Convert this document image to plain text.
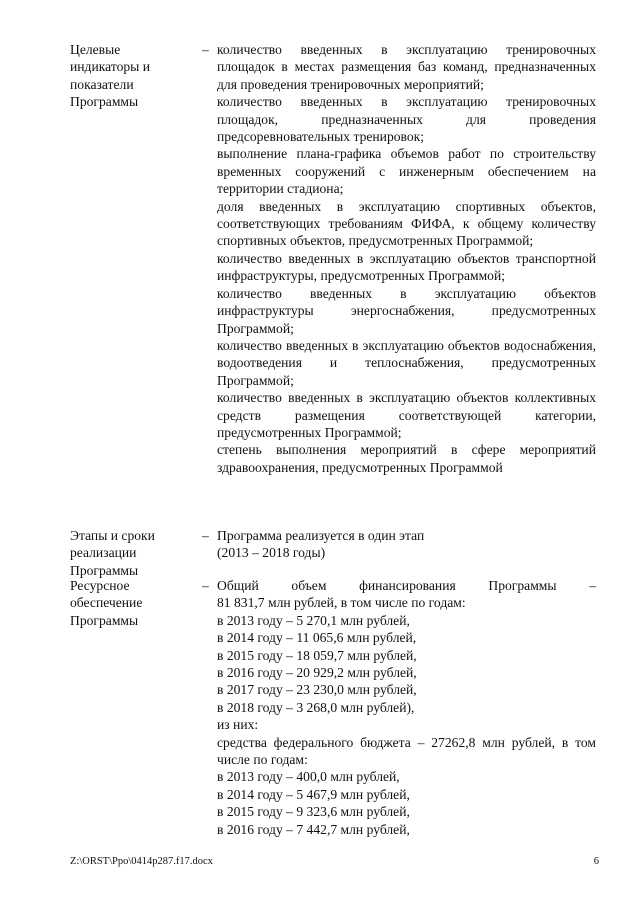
Целевые индикаторы и показатели Программы
– количество введенных в эксплуатацию тренировочных площадок в местах размещения баз команд, предназначенных для проведения тренировочных мероприятий;
количество введенных в эксплуатацию тренировочных площадок, предназначенных для проведения предсоревновательных тренировок;
выполнение плана-графика объемов работ по строительству временных сооружений с инженерным обеспечением на территории стадиона;
доля введенных в эксплуатацию спортивных объектов, соответствующих требованиям ФИФА, к общему количеству спортивных объектов, предусмотренных Программой;
количество введенных в эксплуатацию объектов транспортной инфраструктуры, предусмотренных Программой;
количество введенных в эксплуатацию объектов инфраструктуры энергоснабжения, предусмотренных Программой;
количество введенных в эксплуатацию объектов водоснабжения, водоотведения и теплоснабжения, предусмотренных Программой;
количество введенных в эксплуатацию объектов коллективных средств размещения соответствующей категории, предусмотренных Программой;
степень выполнения мероприятий в сфере мероприятий здравоохранения, предусмотренных Программой
Этапы и сроки реализации Программы
– Программа реализуется в один этап
(2013 – 2018 годы)
Ресурсное обеспечение Программы
– Общий объем финансирования Программы –
81 831,7 млн рублей, в том числе по годам:
в 2013 году – 5 270,1 млн рублей,
в 2014 году – 11 065,6 млн рублей,
в 2015 году – 18 059,7 млн рублей,
в 2016 году – 20 929,2 млн рублей,
в 2017 году – 23 230,0 млн рублей,
в 2018 году – 3 268,0 млн рублей),
из них:
средства федерального бюджета – 27262,8 млн рублей, в том числе по годам:
в 2013 году – 400,0 млн рублей,
в 2014 году – 5 467,9 млн рублей,
в 2015 году – 9 323,6 млн рублей,
в 2016 году – 7 442,7 млн рублей,
Z:\ORST\Ppo\0414p287.f17.docx	6
